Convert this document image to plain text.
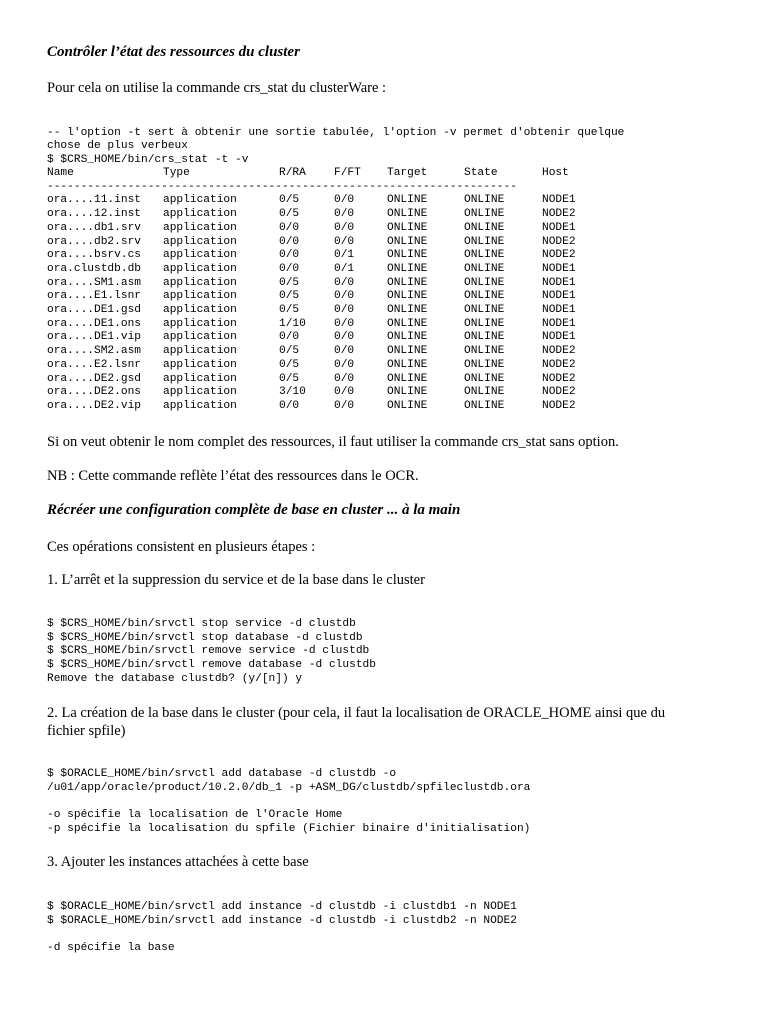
Contrôler l’état des ressources du cluster

Pour cela on utilise la commande crs_stat du clusterWare :

-- l'option -t sert à obtenir une sortie tabulée, l'option -v permet d'obtenir quelque
chose de plus verbeux
$ $CRS_HOME/bin/crs_stat -t -v
Name	Type	R/RA	F/FT	Target	State	Host
----------------------------------------------------------------------						
ora....11.inst	application	0/5	0/0	ONLINE	ONLINE	NODE1
ora....12.inst	application	0/5	0/0	ONLINE	ONLINE	NODE2
ora....db1.srv	application	0/0	0/0	ONLINE	ONLINE	NODE1
ora....db2.srv	application	0/0	0/0	ONLINE	ONLINE	NODE2
ora....bsrv.cs	application	0/0	0/1	ONLINE	ONLINE	NODE2
ora.clustdb.db	application	0/0	0/1	ONLINE	ONLINE	NODE1
ora....SM1.asm	application	0/5	0/0	ONLINE	ONLINE	NODE1
ora....E1.lsnr	application	0/5	0/0	ONLINE	ONLINE	NODE1
ora....DE1.gsd	application	0/5	0/0	ONLINE	ONLINE	NODE1
ora....DE1.ons	application	1/10	0/0	ONLINE	ONLINE	NODE1
ora....DE1.vip	application	0/0	0/0	ONLINE	ONLINE	NODE1
ora....SM2.asm	application	0/5	0/0	ONLINE	ONLINE	NODE2
ora....E2.lsnr	application	0/5	0/0	ONLINE	ONLINE	NODE2
ora....DE2.gsd	application	0/5	0/0	ONLINE	ONLINE	NODE2
ora....DE2.ons	application	3/10	0/0	ONLINE	ONLINE	NODE2
ora....DE2.vip	application	0/0	0/0	ONLINE	ONLINE	NODE2

Si on veut obtenir le nom complet des ressources, il faut utiliser la commande crs_stat sans option.

NB : Cette commande reflète l’état des ressources dans le OCR.

Récréer une configuration complète de base en cluster ... à la main

Ces opérations consistent en plusieurs étapes :

1. L’arrêt et la suppression du service et de la base dans le cluster

$ $CRS_HOME/bin/srvctl stop service -d clustdb
$ $CRS_HOME/bin/srvctl stop database -d clustdb
$ $CRS_HOME/bin/srvctl remove service -d clustdb
$ $CRS_HOME/bin/srvctl remove database -d clustdb
Remove the database clustdb? (y/[n]) y

2. La création de la base dans le cluster (pour cela, il faut la localisation de ORACLE_HOME ainsi que du

fichier spfile)

$ $ORACLE_HOME/bin/srvctl add database -d clustdb -o
/u01/app/oracle/product/10.2.0/db_1 -p +ASM_DG/clustdb/spfileclustdb.ora
-o spécifie la localisation de l'Oracle Home
-p spécifie la localisation du spfile (Fichier binaire d'initialisation)

3. Ajouter les instances attachées à cette base

$ $ORACLE_HOME/bin/srvctl add instance -d clustdb -i clustdb1 -n NODE1
$ $ORACLE_HOME/bin/srvctl add instance -d clustdb -i clustdb2 -n NODE2
-d spécifie la base
